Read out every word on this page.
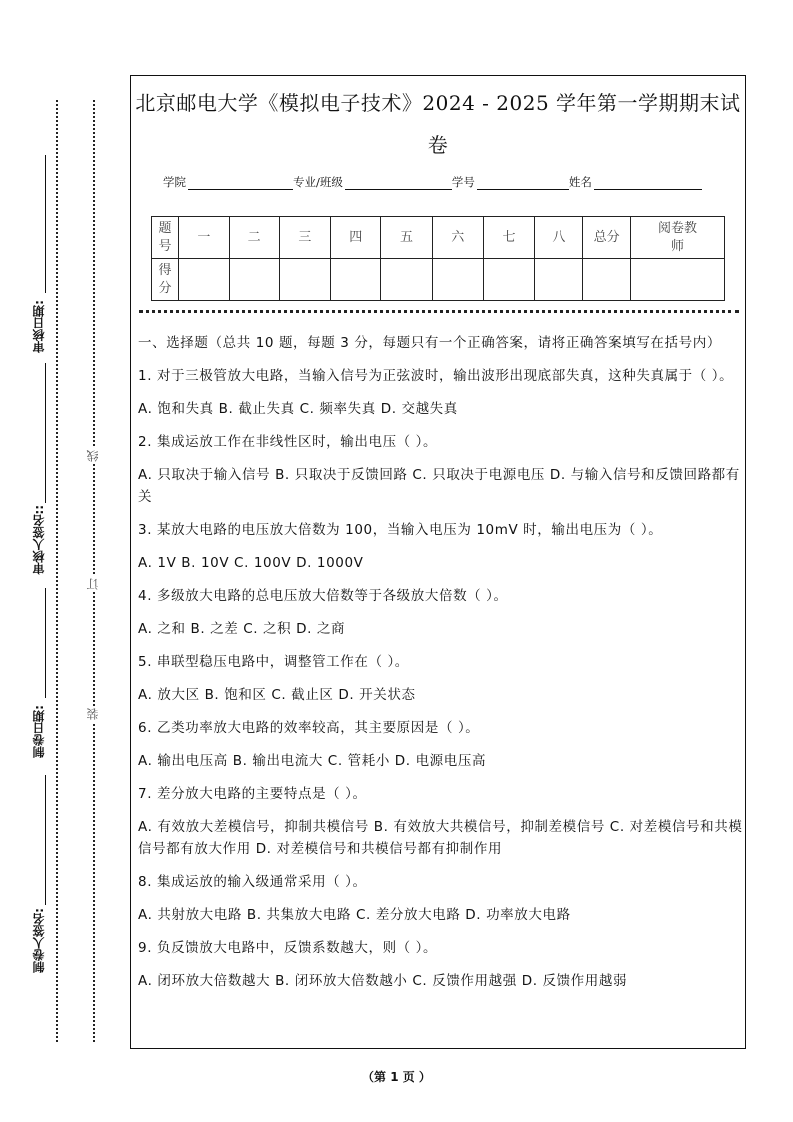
审核日期:
审核人签名::
制卷日期:
制卷人签名:
线
订
装
北京邮电大学《模拟电子技术》2024 - 2025 学年第一学期期末试
卷
学院	专业/班级	学号	姓名
题号	一	二	三	四	五	六	七	八	总分	阅卷教师
得分										

一、选择题（总共 10 题，每题 3 分，每题只有一个正确答案，请将正确答案填写在括号内）

1. 对于三极管放大电路，当输入信号为正弦波时，输出波形出现底部失真，这种失真属于（ ）。

A. 饱和失真 B. 截止失真 C. 频率失真 D. 交越失真

2. 集成运放工作在非线性区时，输出电压（ ）。

A. 只取决于输入信号 B. 只取决于反馈回路 C. 只取决于电源电压 D. 与输入信号和反馈回路都有关

3. 某放大电路的电压放大倍数为 100，当输入电压为 10mV 时，输出电压为（ ）。

A. 1V B. 10V C. 100V D. 1000V

4. 多级放大电路的总电压放大倍数等于各级放大倍数（ ）。

A. 之和 B. 之差 C. 之积 D. 之商

5. 串联型稳压电路中，调整管工作在（ ）。

A. 放大区 B. 饱和区 C. 截止区 D. 开关状态

6. 乙类功率放大电路的效率较高，其主要原因是（ ）。

A. 输出电压高 B. 输出电流大 C. 管耗小 D. 电源电压高

7. 差分放大电路的主要特点是（ ）。

A. 有效放大差模信号，抑制共模信号 B. 有效放大共模信号，抑制差模信号 C. 对差模信号和共模信号都有放大作用 D. 对差模信号和共模信号都有抑制作用

8. 集成运放的输入级通常采用（ ）。

A. 共射放大电路 B. 共集放大电路 C. 差分放大电路 D. 功率放大电路

9. 负反馈放大电路中，反馈系数越大，则（ ）。

A. 闭环放大倍数越大 B. 闭环放大倍数越小 C. 反馈作用越强 D. 反馈作用越弱

（第 1 页 ）
